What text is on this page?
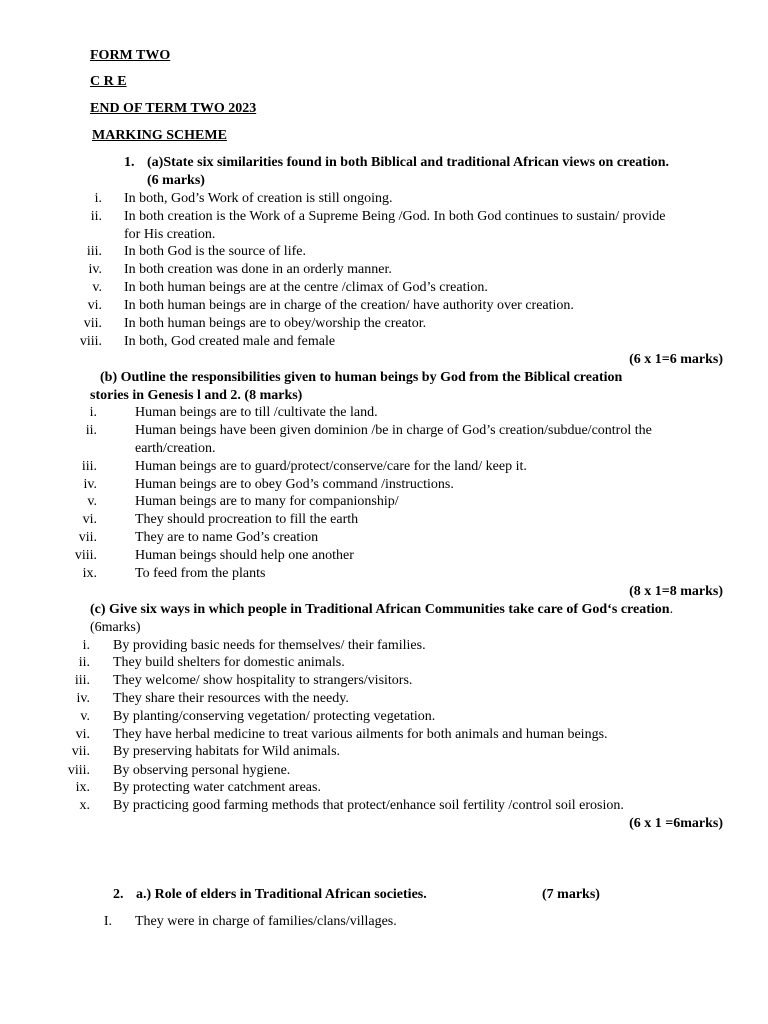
FORM TWO
C R E
END OF TERM TWO 2023
MARKING SCHEME
1. (a)State six similarities found in both Biblical and traditional African views on creation.
(6 marks)
i. In both, God’s Work of creation is still ongoing.
ii. In both creation is the Work of a Supreme Being /God. In both God continues to sustain/ provide
for His creation.
iii. In both God is the source of life.
iv. In both creation was done in an orderly manner.
v. In both human beings are at the centre /climax of God’s creation.
vi. In both human beings are in charge of the creation/ have authority over creation.
vii. In both human beings are to obey/worship the creator.
viii. In both, God created male and female
(6 x 1=6 marks)
(b) Outline the responsibilities given to human beings by God from the Biblical creation
stories in Genesis l and 2. (8 marks)
i.	Human beings are to till /cultivate the land.
ii.	Human beings have been given dominion /be in charge of God’s creation/subdue/control the
earth/creation.
iii.	Human beings are to guard/protect/conserve/care for the land/ keep it.
iv.	Human beings are to obey God’s command /instructions.
v.	Human beings are to many for companionship/
vi.	They should procreation to fill the earth
vii.	They are to name God’s creation
viii.	Human beings should help one another
ix.	To feed from the plants
(8 x 1=8 marks)
(c) Give six ways in which people in Traditional African Communities take care of God‘s creation.
(6marks)
i. By providing basic needs for themselves/ their families.
ii. They build shelters for domestic animals.
iii. They welcome/ show hospitality to strangers/visitors.
iv. They share their resources with the needy.
v. By planting/conserving vegetation/ protecting vegetation.
vi. They have herbal medicine to treat various ailments for both animals and human beings.
vii. By preserving habitats for Wild animals.
viii. By observing personal hygiene.
ix. By protecting water catchment areas.
x. By practicing good farming methods that protect/enhance soil fertility /control soil erosion.
(6 x 1 =6marks)
2. a.) Role of elders in Traditional African societies.	(7 marks)
I. They were in charge of families/clans/villages.
